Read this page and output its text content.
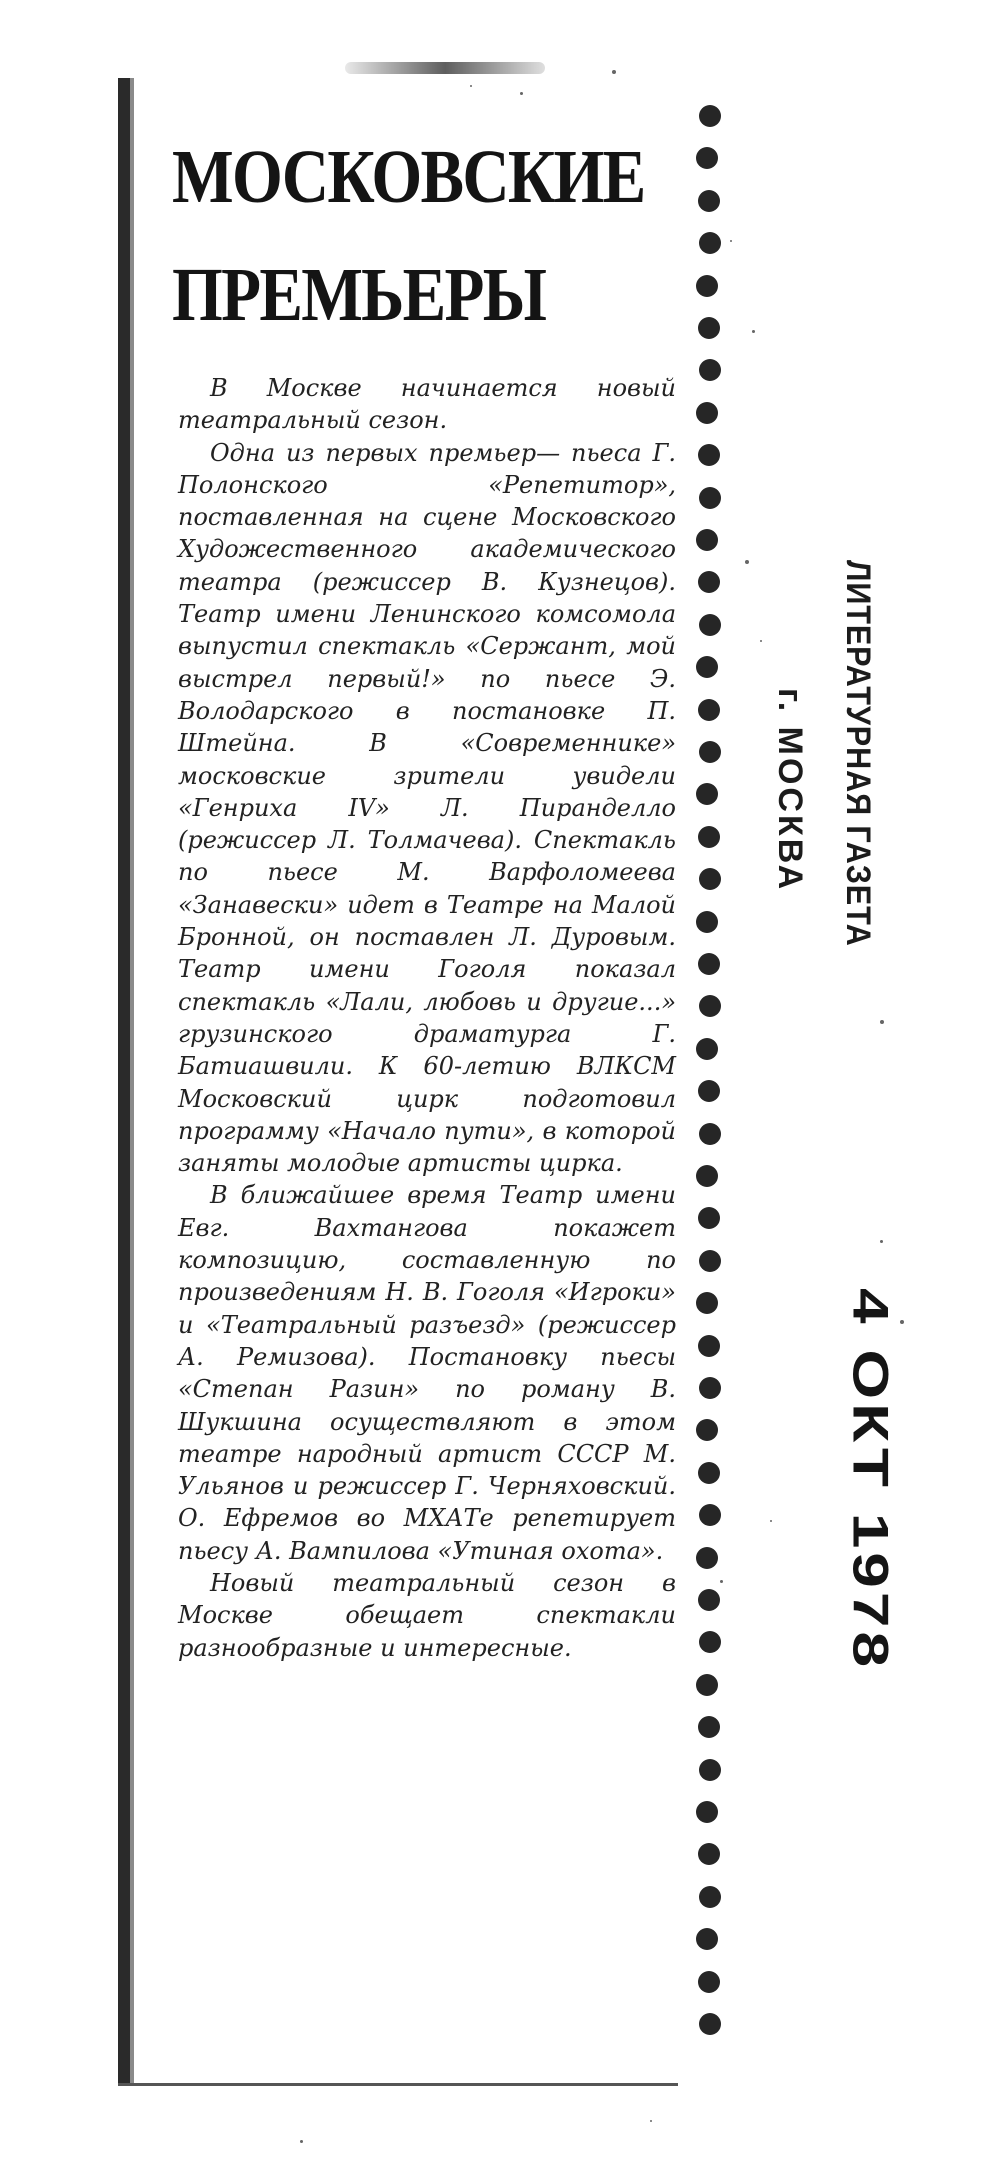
МОСКОВСКИЕ
ПРЕМЬЕРЫ

В Москве начинается новый театральный сезон.

Одна из первых премьер— пьеса Г. Полонского «Репетитор», поставленная на сцене Московского Художественного академического театра (режиссер В. Кузнецов). Театр имени Ленинского комсомола выпустил спектакль «Сержант, мой выстрел первый!» по пьесе Э. Володарского в постановке П. Штейна. В «Современнике» московские зрители увидели «Генриха IV» Л. Пиранделло (режиссер Л. Толмачева). Спектакль по пьесе М. Варфоломеева «Занавески» идет в Театре на Малой Бронной, он поставлен Л. Дуровым. Театр имени Гоголя показал спектакль «Лали, любовь и другие...» грузинского драматурга Г. Батиашвили. К 60-летию ВЛКСМ Московский цирк подготовил программу «Начало пути», в которой заняты молодые артисты цирка.

В ближайшее время Театр имени Евг. Вахтангова покажет композицию, составленную по произведениям Н. В. Гоголя «Игроки» и «Театральный разъезд» (режиссер А. Ремизова). Постановку пьесы «Степан Разин» по роману В. Шукшина осуществляют в этом театре народный артист СССР М. Ульянов и режиссер Г. Черняховский. О. Ефремов во МХАТе репетирует пьесу А. Вампилова «Утиная охота».

Новый театральный сезон в Москве обещает спектакли разнообразные и интересные.

ЛИТЕРАТУРНАЯ ГАЗЕТА
г. МОСКВА
4 ОКТ 1978
